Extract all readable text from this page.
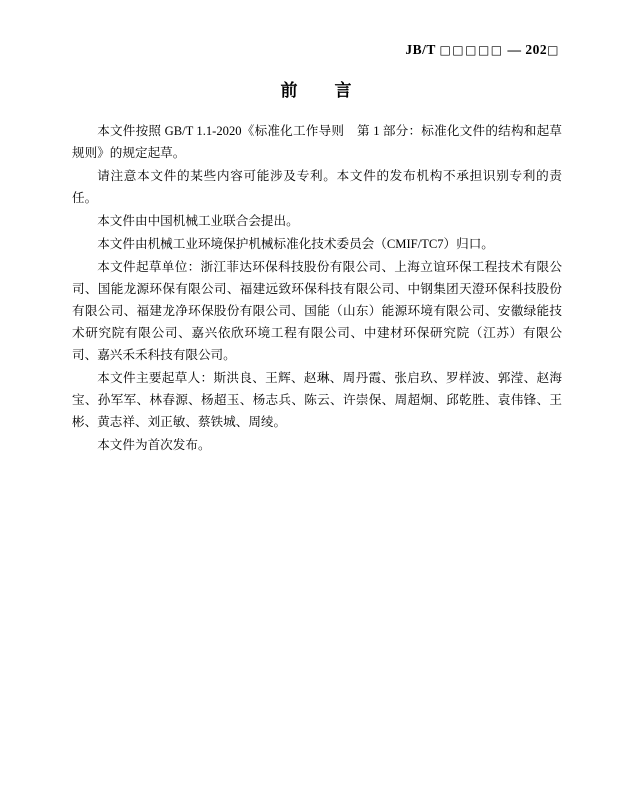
JB/T □□□□□ — 202□
前　言

本文件按照 GB/T 1.1-2020《标准化工作导则　第 1 部分：标准化文件的结构和起草规则》的规定起草。

请注意本文件的某些内容可能涉及专利。本文件的发布机构不承担识别专利的责任。

本文件由中国机械工业联合会提出。

本文件由机械工业环境保护机械标准化技术委员会（CMIF/TC7）归口。

本文件起草单位：浙江菲达环保科技股份有限公司、上海立谊环保工程技术有限公司、国能龙源环保有限公司、福建远致环保科技有限公司、中钢集团天澄环保科技股份有限公司、福建龙净环保股份有限公司、国能（山东）能源环境有限公司、安徽绿能技术研究院有限公司、嘉兴依欣环境工程有限公司、中建材环保研究院（江苏）有限公司、嘉兴禾禾科技有限公司。

本文件主要起草人：斯洪良、王辉、赵琳、周丹霞、张启玖、罗样波、郭滢、赵海宝、孙军军、林春源、杨超玉、杨志兵、陈云、许崇保、周超炯、邱乾胜、袁伟锋、王彬、黄志祥、刘正敏、蔡铁城、周绫。

本文件为首次发布。
